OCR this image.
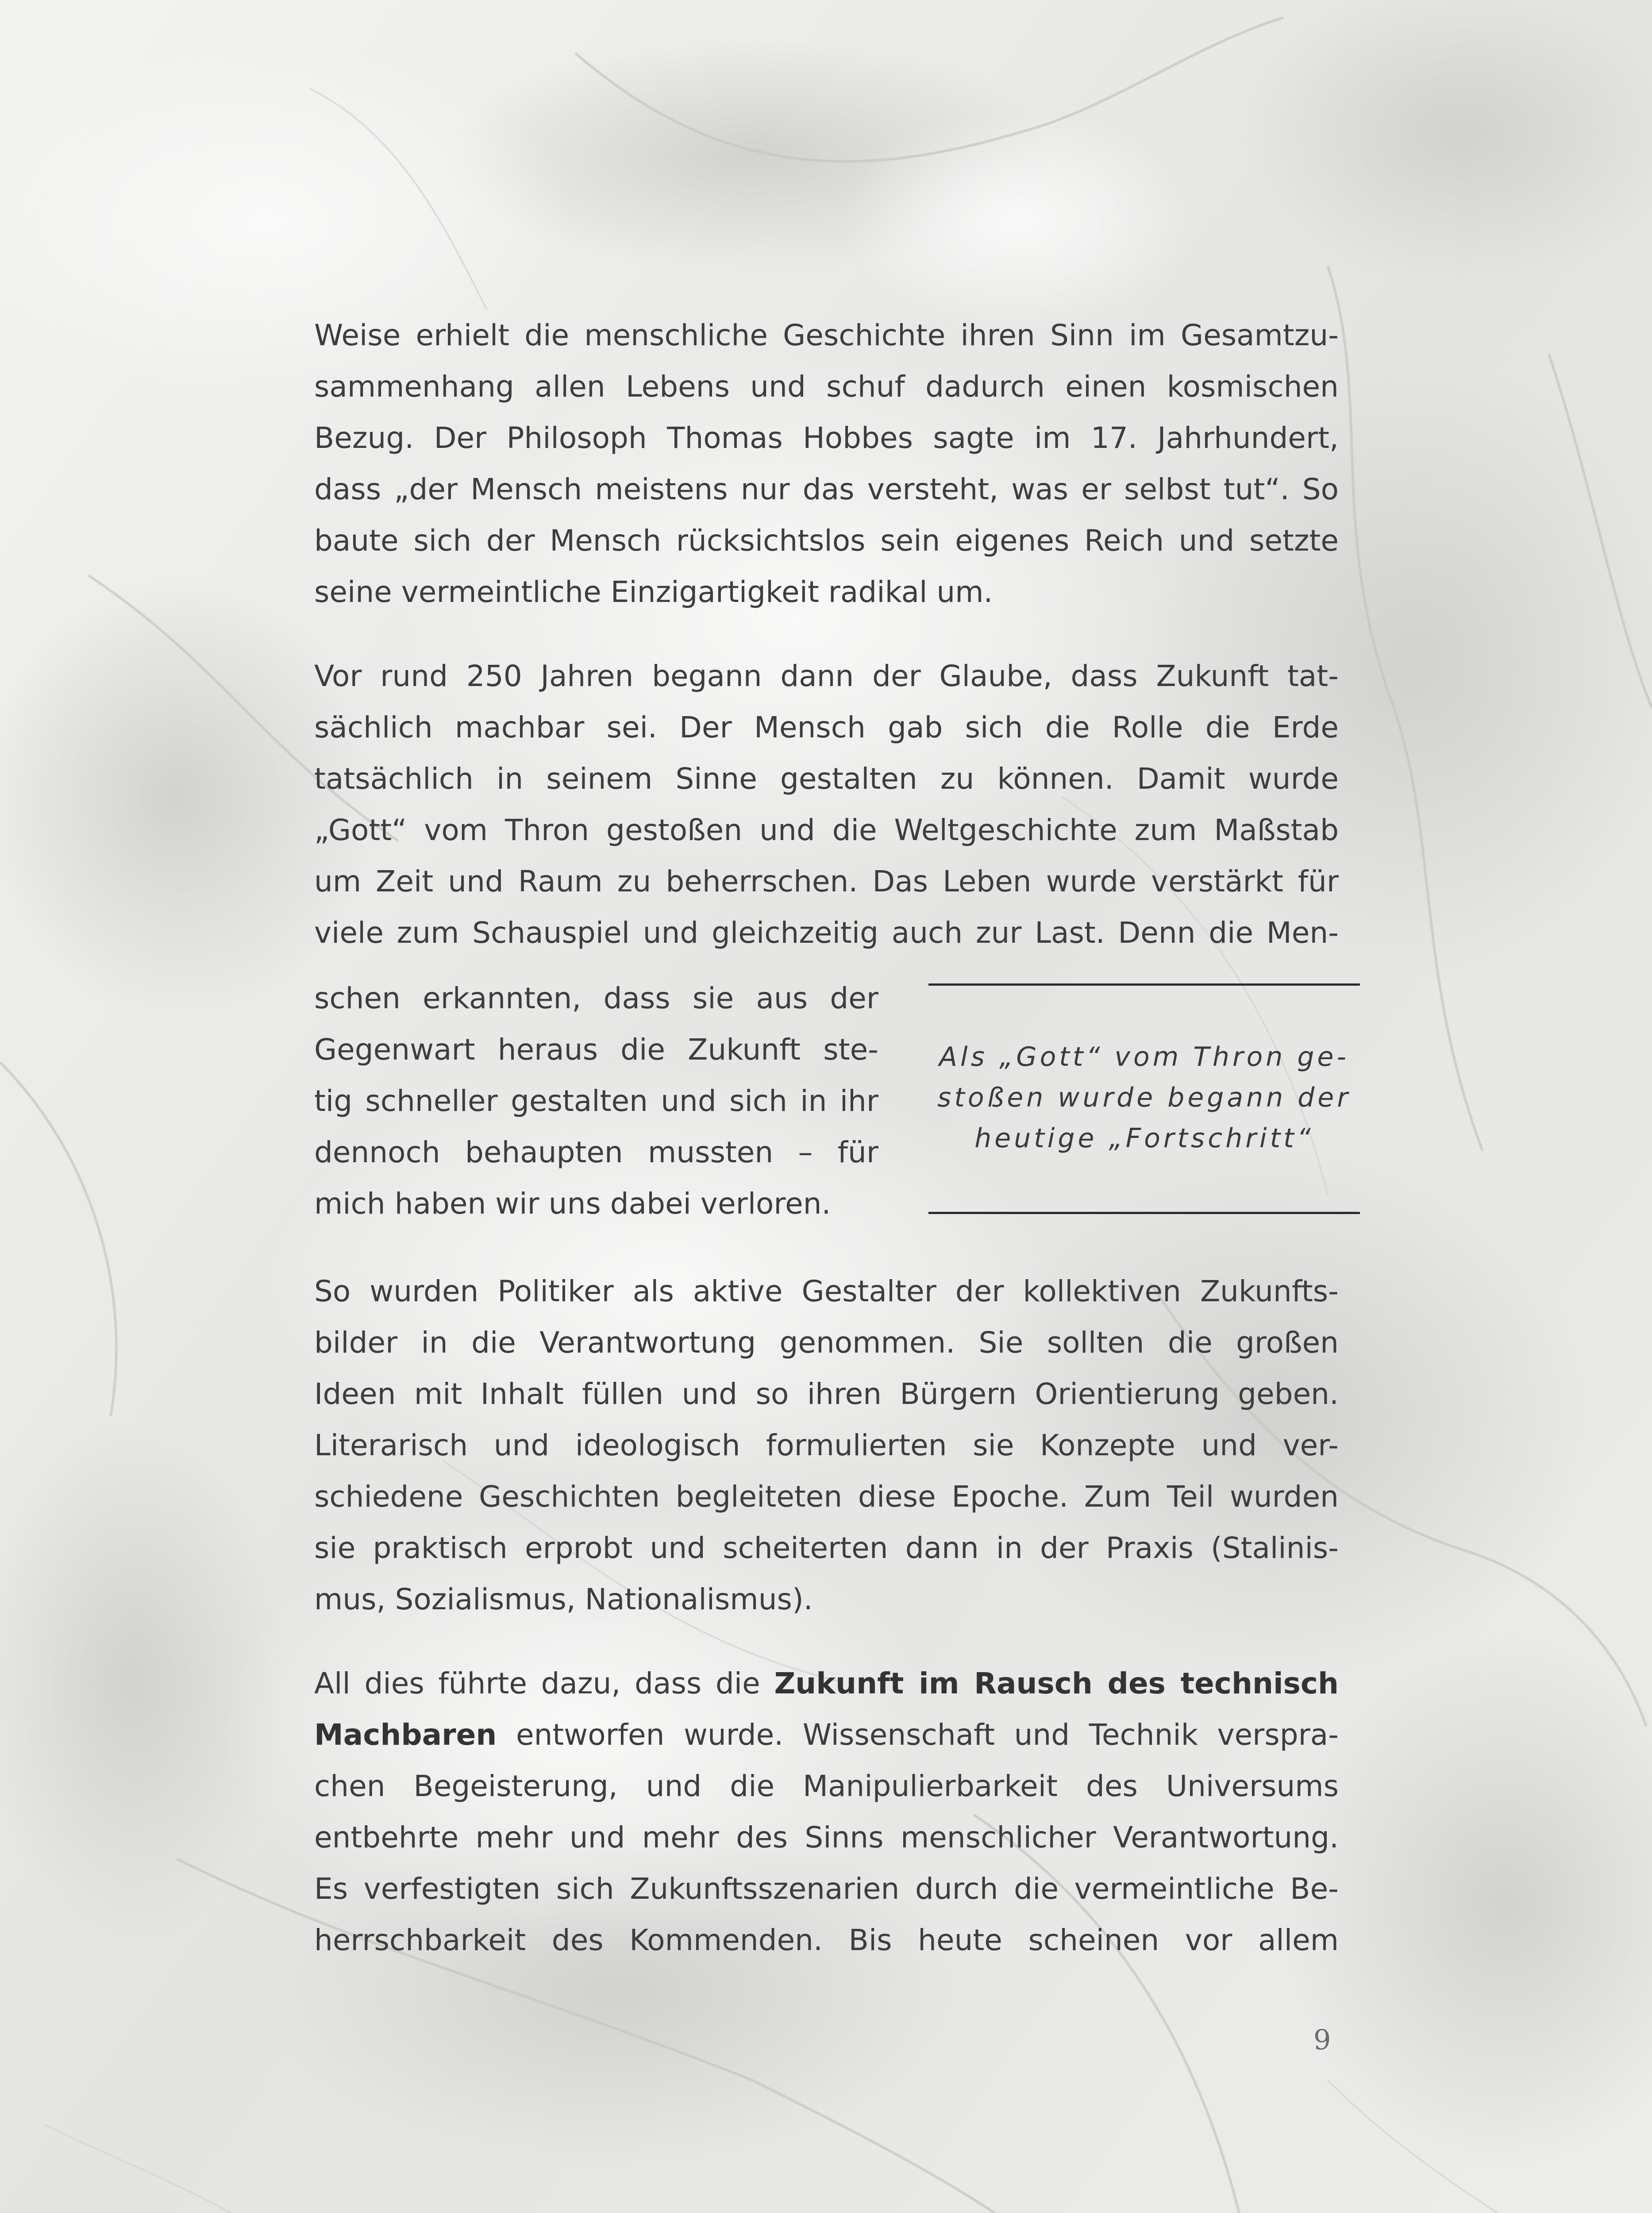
Weise erhielt die menschliche Geschichte ihren Sinn im Gesamtzu-
sammenhang allen Lebens und schuf dadurch einen kosmischen
Bezug. Der Philosoph Thomas Hobbes sagte im 17. Jahrhundert,
dass „der Mensch meistens nur das versteht, was er selbst tut“. So
baute sich der Mensch rücksichtslos sein eigenes Reich und setzte
seine vermeintliche Einzigartigkeit radikal um.
Vor rund 250 Jahren begann dann der Glaube, dass Zukunft tat-
sächlich machbar sei. Der Mensch gab sich die Rolle die Erde
tatsächlich in seinem Sinne gestalten zu können. Damit wurde
„Gott“ vom Thron gestoßen und die Weltgeschichte zum Maßstab
um Zeit und Raum zu beherrschen. Das Leben wurde verstärkt für
viele zum Schauspiel und gleichzeitig auch zur Last. Denn die Men-
schen erkannten, dass sie aus der
Gegenwart heraus die Zukunft ste-
tig schneller gestalten und sich in ihr
dennoch behaupten mussten – für
mich haben wir uns dabei verloren.
Als „Gott“ vom Thron ge-
stoßen wurde begann der
heutige „Fortschritt“
So wurden Politiker als aktive Gestalter der kollektiven Zukunfts-
bilder in die Verantwortung genommen. Sie sollten die großen
Ideen mit Inhalt füllen und so ihren Bürgern Orientierung geben.
Literarisch und ideologisch formulierten sie Konzepte und ver-
schiedene Geschichten begleiteten diese Epoche. Zum Teil wurden
sie praktisch erprobt und scheiterten dann in der Praxis (Stalinis-
mus, Sozialismus, Nationalismus).
All dies führte dazu, dass die Zukunft im Rausch des technisch
Machbaren entworfen wurde. Wissenschaft und Technik verspra-
chen Begeisterung, und die Manipulierbarkeit des Universums
entbehrte mehr und mehr des Sinns menschlicher Verantwortung.
Es verfestigten sich Zukunftsszenarien durch die vermeintliche Be-
herrschbarkeit des Kommenden. Bis heute scheinen vor allem
9
